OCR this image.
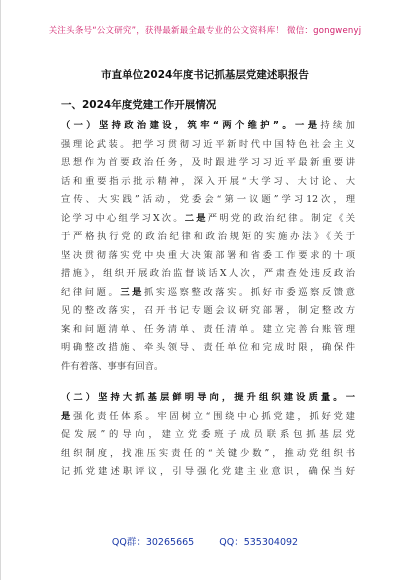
关注头条号“公文研究”，获得最新最全最专业的公文资料库！ 微信：gongwenyj
市直单位2024年度书记抓基层党建述职报告
一、2024年度党建工作开展情况
（一）坚持政治建设，筑牢“两个维护”。一是持续加
强理论武装。把学习贯彻习近平新时代中国特色社会主义
思想作为首要政治任务，及时跟进学习习近平最新重要讲
话和重要指示批示精神，深入开展“大学习、大讨论、大
宣传、大实践”活动，党委会“第一议题”学习12次，理
论学习中心组学习X次。二是严明党的政治纪律。制定《关
于严格执行党的政治纪律和政治规矩的实施办法》《关于
坚决贯彻落实党中央重大决策部署和省委工作要求的十项
措施》，组织开展政治监督谈话X人次，严肃查处违反政治
纪律问题。三是抓实巡察整改落实。抓好市委巡察反馈意
见的整改落实，召开书记专题会议研究部署，制定整改方
案和问题清单、任务清单、责任清单。建立完善台账管理
明确整改措施、牵头领导、责任单位和完成时限，确保件
件有着落、事事有回音。
（二）坚持大抓基层鲜明导向，提升组织建设质量。一
是强化责任体系。牢固树立“围绕中心抓党建，抓好党建
促发展”的导向，建立党委班子成员联系包抓基层党
组织制度，找准压实责任的“关键少数”，推动党组织书
记抓党建述职评议，引导强化党建主业意识，确保当好
QQ群：30265665	QQ：535304092
